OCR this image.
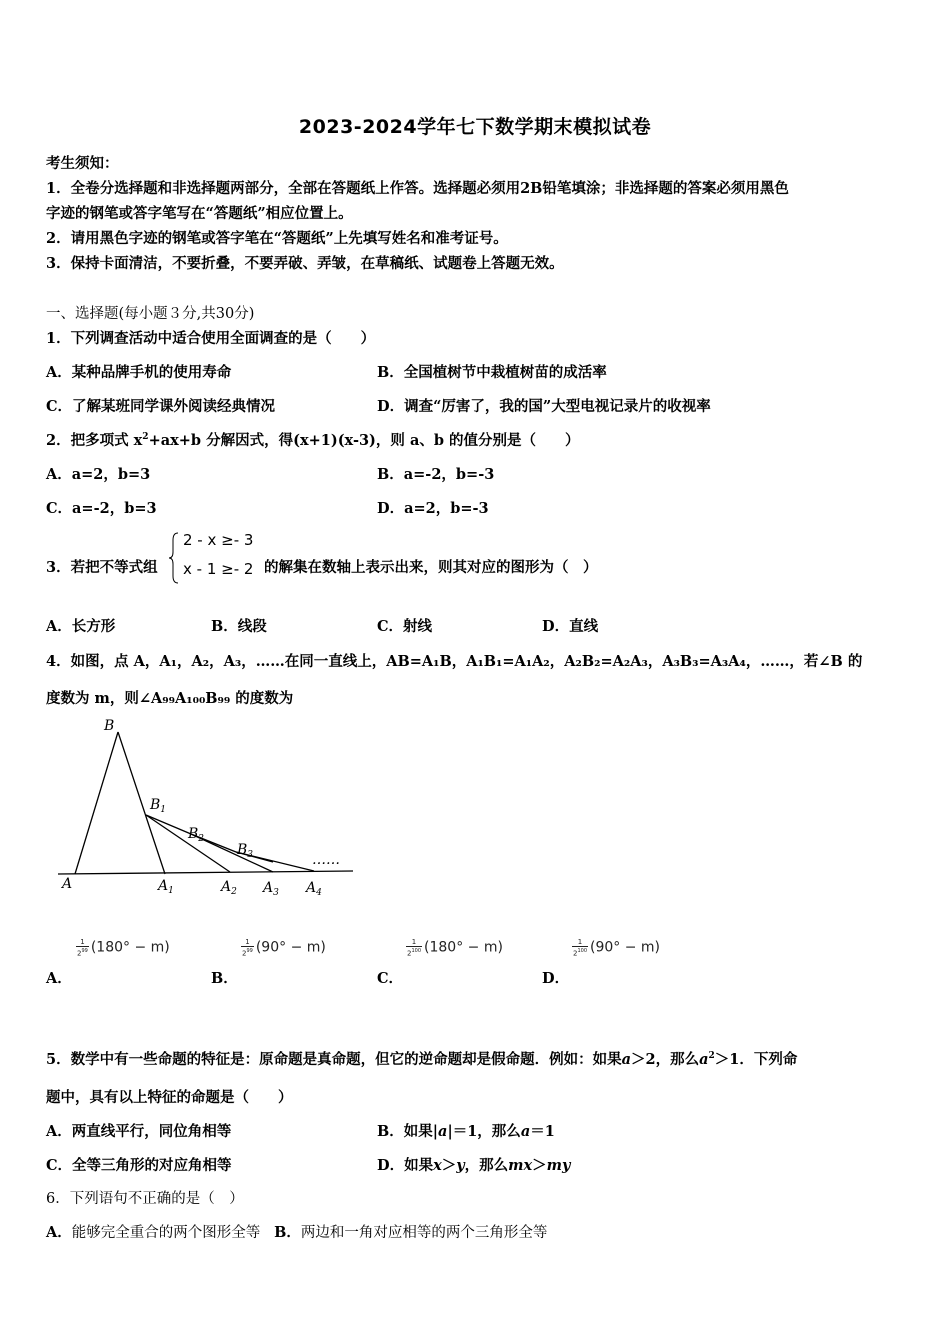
2023-2024学年七下数学期末模拟试卷
考生须知：
1．全卷分选择题和非选择题两部分，全部在答题纸上作答。选择题必须用2B铅笔填涂；非选择题的答案必须用黑色
字迹的钢笔或答字笔写在“答题纸”相应位置上。
2．请用黑色字迹的钢笔或答字笔在“答题纸”上先填写姓名和准考证号。
3．保持卡面清洁，不要折叠，不要弄破、弄皱，在草稿纸、试题卷上答题无效。
一、选择题(每小题３分,共30分)
1．下列调查活动中适合使用全面调查的是（　　）
A．某种品牌手机的使用寿命	B．全国植树节中栽植树苗的成活率
C．了解某班同学课外阅读经典情况	D．调查“厉害了，我的国”大型电视记录片的收视率
2．把多项式 $x^2+ax+b$ 分解因式，得(x+1)(x-3)，则 a、b 的值分别是（　　）
A．a=2，b=3	B．a=-2，b=-3
C．a=-2，b=3	D．a=2，b=-3
3．若把不等式组
2 - x ≥- 3
x - 1 ≥- 2 的解集在数轴上表示出来，则其对应的图形为（　）
A．长方形	B．线段	C．射线	D．直线
4．如图，点 A，A₁，A₂，A₃，……在同一直线上，AB=A₁B，A₁B₁=A₁A₂，A₂B₂=A₂A₃，A₃B₃=A₃A₄，……，若∠B 的
度数为 m，则∠A₉₉A₁₀₀B₉₉ 的度数为
B
$B_1$
$B_2$
$B_3$	……
A	$A_1$	$A_2$ $A_3$ $A_4$
$\frac{1}{2^{99}} (180^\circ - m)$	$\frac{1}{2^{99}} (90^\circ - m)$	$\frac{1}{2^{100}} (180^\circ - m)$	$\frac{1}{2^{100}} (90^\circ - m)$
A．	B．	C．	D．
5．数学中有一些命题的特征是：原命题是真命题，但它的逆命题却是假命题．例如：如果a＞2，那么$a^2>1$．下列命
题中，具有以上特征的命题是（　　）
A．两直线平行，同位角相等	B．如果|a|＝1，那么a＝1
C．全等三角形的对应角相等	D．如果x＞y，那么mx＞my
6．下列语句不正确的是（　）
A．能够完全重合的两个图形全等 B．两边和一角对应相等的两个三角形全等
